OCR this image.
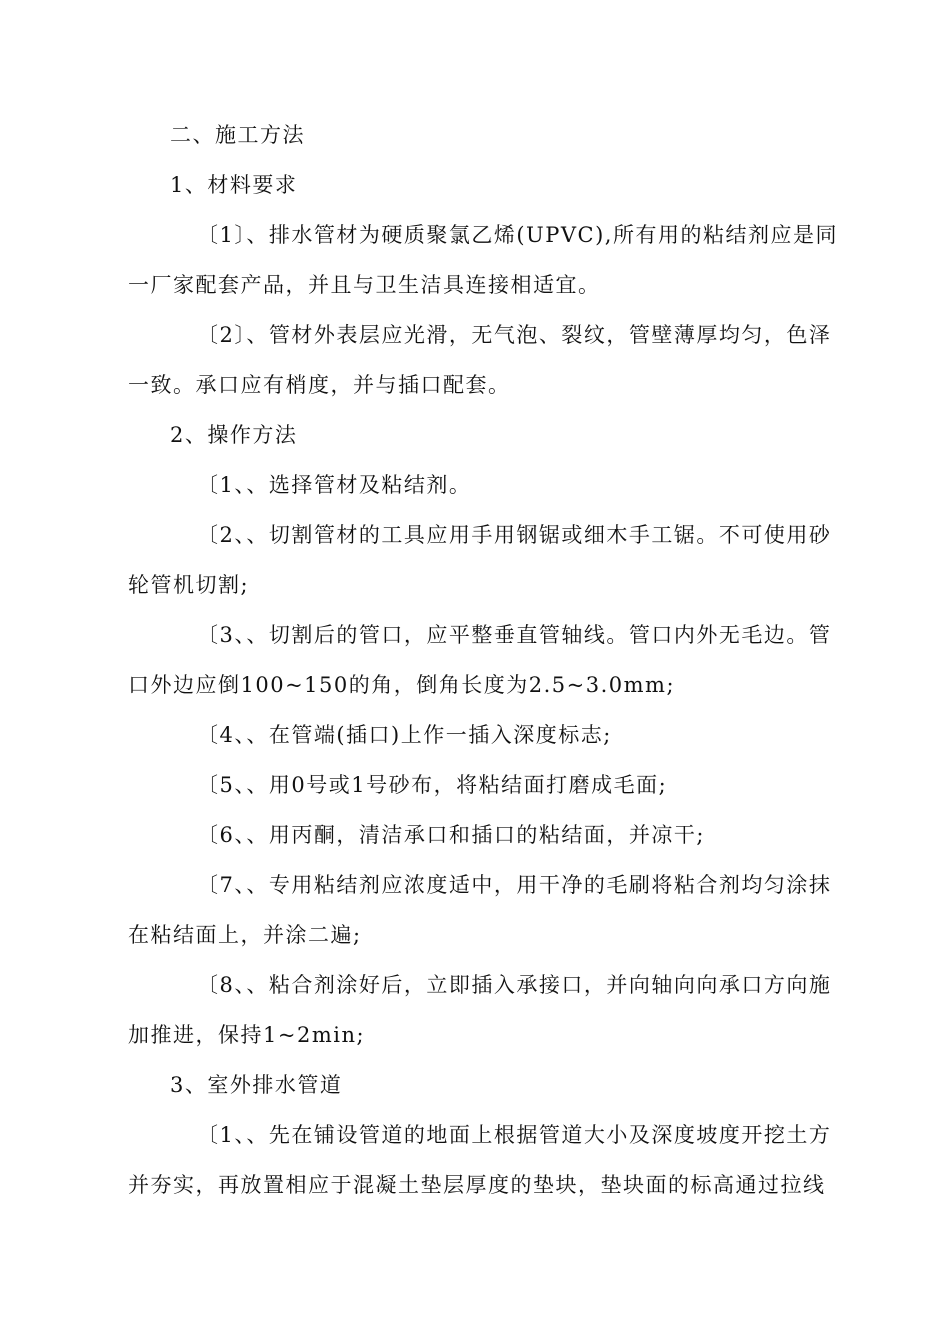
二、施工方法
1、材料要求
〔1〕、排水管材为硬质聚氯乙烯(UPVC),所有用的粘结剂应是同
一厂家配套产品，并且与卫生洁具连接相适宜。
〔2〕、管材外表层应光滑，无气泡、裂纹，管壁薄厚均匀，色泽
一致。承口应有梢度，并与插口配套。
2、操作方法
〔1、、选择管材及粘结剂。
〔2、、切割管材的工具应用手用钢锯或细木手工锯。不可使用砂
轮管机切割;
〔3、、切割后的管口，应平整垂直管轴线。管口内外无毛边。管
口外边应倒100~150的角，倒角长度为2.5~3.0mm;
〔4、、在管端(插口)上作一插入深度标志;
〔5、、用0号或1号砂布，将粘结面打磨成毛面;
〔6、、用丙酮，清洁承口和插口的粘结面，并凉干;
〔7、、专用粘结剂应浓度适中，用干净的毛刷将粘合剂均匀涂抹
在粘结面上，并涂二遍;
〔8、、粘合剂涂好后，立即插入承接口，并向轴向向承口方向施
加推进，保持1~2min;
3、室外排水管道
〔1、、先在铺设管道的地面上根据管道大小及深度坡度开挖土方
并夯实，再放置相应于混凝土垫层厚度的垫块，垫块面的标高通过拉线
